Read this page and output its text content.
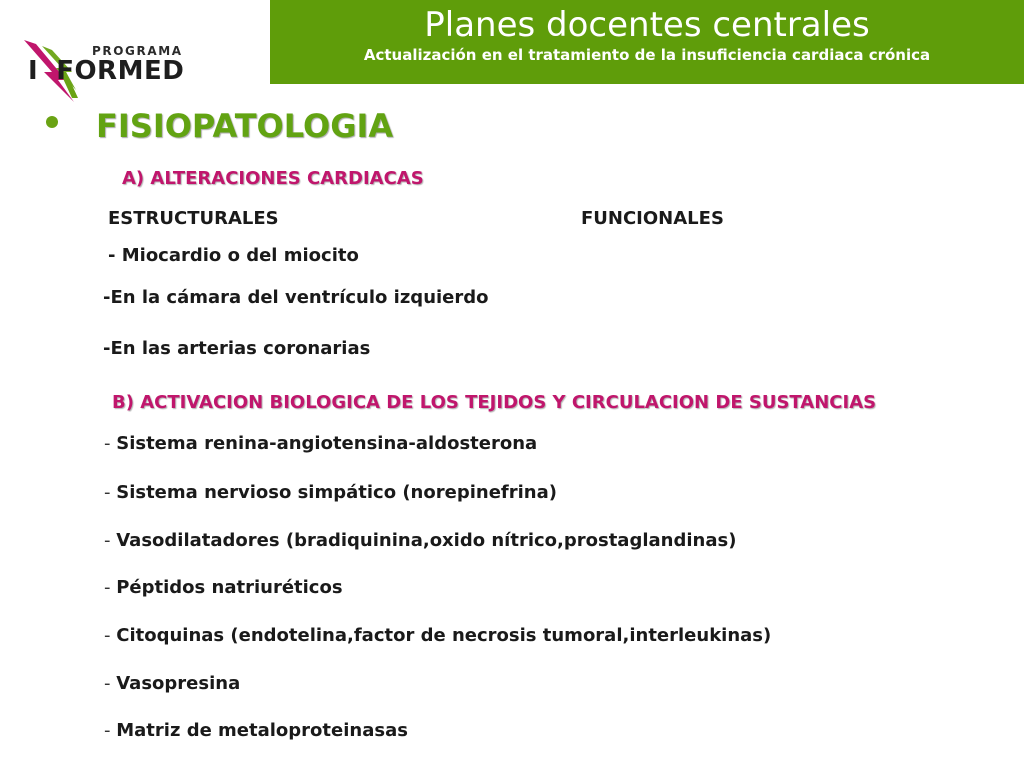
PROGRAMA
I FORMED
Planes docentes centrales
Actualización en el tratamiento de la insuficiencia cardiaca crónica
FISIOPATOLOGIA
A) ALTERACIONES CARDIACAS
ESTRUCTURALES	FUNCIONALES
- Miocardio o del miocito
-En la cámara del ventrículo izquierdo
-En las arterias coronarias
B) ACTIVACION BIOLOGICA DE LOS TEJIDOS Y CIRCULACION DE SUSTANCIAS
- Sistema renina-angiotensina-aldosterona
- Sistema nervioso simpático (norepinefrina)
- Vasodilatadores (bradiquinina,oxido nítrico,prostaglandinas)
- Péptidos natriuréticos
- Citoquinas (endotelina,factor de necrosis tumoral,interleukinas)
- Vasopresina
- Matriz de metaloproteinasas
